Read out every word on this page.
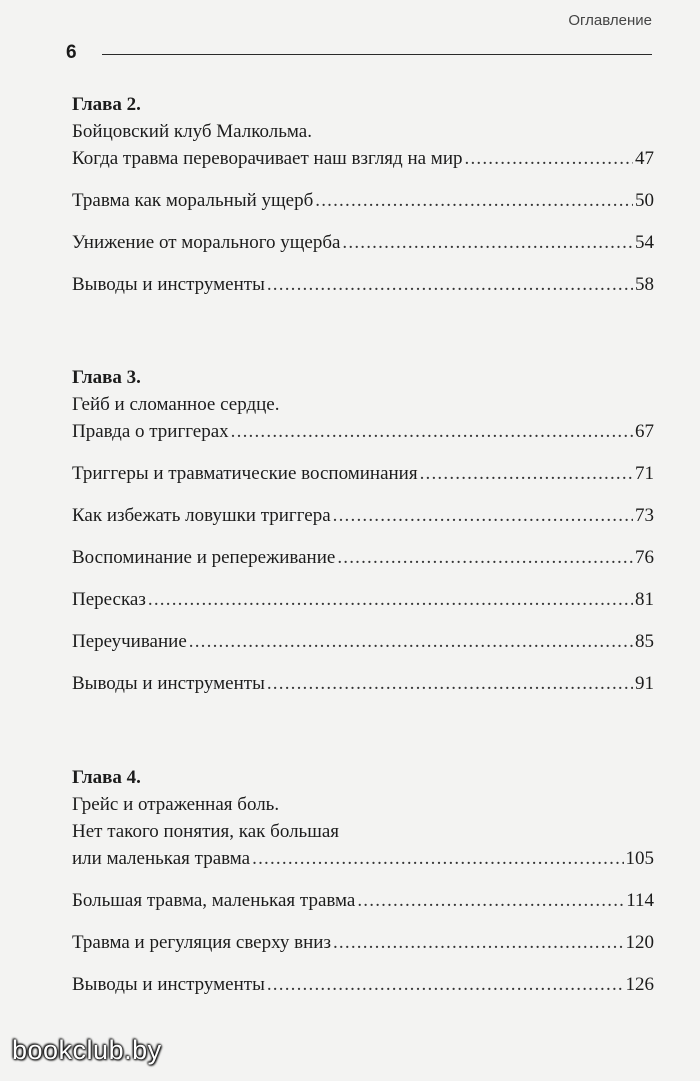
Оглавление
6
Глава 2.
Бойцовский клуб Малкольма.
Когда травма переворачивает наш взгляд на мир .....	47
Травма как моральный ущерб .....	50
Унижение от морального ущерба .....	54
Выводы и инструменты .....	58
Глава 3.
Гейб и сломанное сердце.
Правда о триггерах .....	67
Триггеры и травматические воспоминания .....	71
Как избежать ловушки триггера .....	73
Воспоминание и репереживание .....	76
Пересказ .....	81
Переучивание .....	85
Выводы и инструменты .....	91
Глава 4.
Грейс и отраженная боль.
Нет такого понятия, как большая
или маленькая травма .....	105
Большая травма, маленькая травма .....	114
Травма и регуляция сверху вниз .....	120
Выводы и инструменты .....	126
bookclub.by
